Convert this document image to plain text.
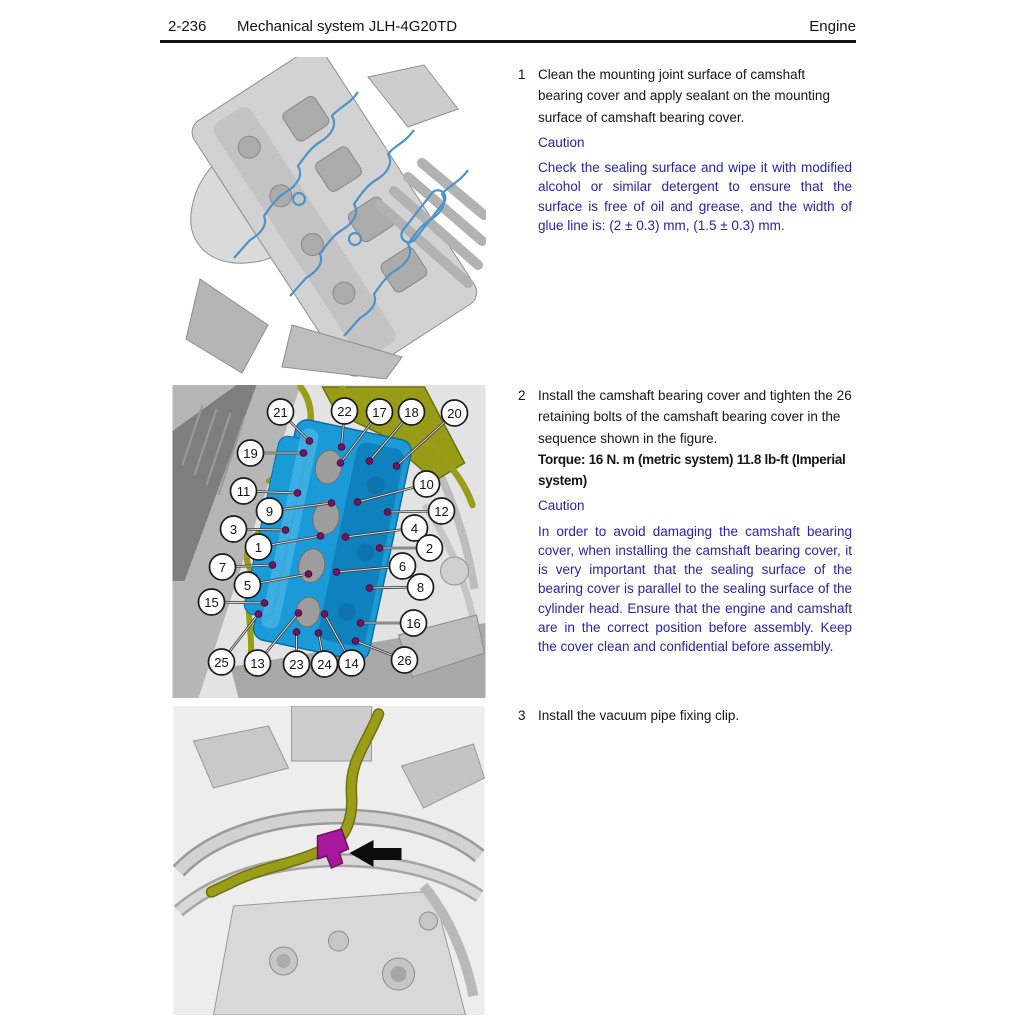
2-236 Mechanical system JLH-4G20TD	Engine
21	22 17 18 20
19
11
9
10
12
3	4
1	2
7	6
5	8
15
16
25 13 23 24 14	26
1 Clean the mounting joint surface of camshaft bearing cover and apply sealant on the mounting surface of camshaft bearing cover.

Caution

Check the sealing surface and wipe it with modified alcohol or similar detergent to ensure that the surface is free of oil and grease, and the width of glue line is: (2 ± 0.3) mm, (1.5 ± 0.3) mm.

2 Install the camshaft bearing cover and tighten the 26 retaining bolts of the camshaft bearing cover in the sequence shown in the figure.

Torque: 16 N. m (metric system) 11.8 lb-ft (Imperial system)

Caution

In order to avoid damaging the camshaft bearing cover, when installing the camshaft bearing cover, it is very important that the sealing surface of the bearing cover is parallel to the sealing surface of the cylinder head. Ensure that the engine and camshaft are in the correct position before assembly. Keep the cover clean and confidential before assembly.

3 Install the vacuum pipe fixing clip.
